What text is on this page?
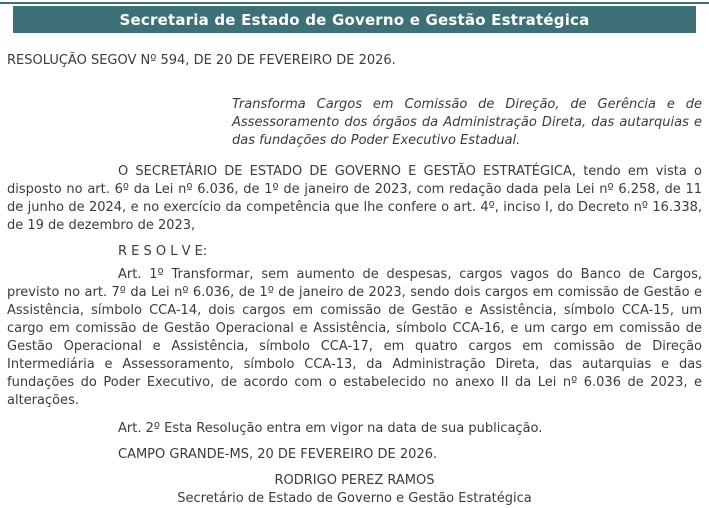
Secretaria de Estado de Governo e Gestão Estratégica

RESOLUÇÃO SEGOV Nº 594, DE 20 DE FEVEREIRO DE 2026.

Transforma Cargos em Comissão de Direção, de Gerência e de Assessoramento dos órgãos da Administração Direta, das autarquias e das fundações do Poder Executivo Estadual.

O SECRETÁRIO DE ESTADO DE GOVERNO E GESTÃO ESTRATÉGICA, tendo em vista o disposto no art. 6º da Lei nº 6.036, de 1º de janeiro de 2023, com redação dada pela Lei nº 6.258, de 11 de junho de 2024, e no exercício da competência que lhe confere o art. 4º, inciso I, do Decreto nº 16.338, de 19 de dezembro de 2023,

R E S O L V E:

Art. 1º Transformar, sem aumento de despesas, cargos vagos do Banco de Cargos, previsto no art. 7º da Lei nº 6.036, de 1º de janeiro de 2023, sendo dois cargos em comissão de Gestão e Assistência, símbolo CCA-14, dois cargos em comissão de Gestão e Assistência, símbolo CCA-15, um cargo em comissão de Gestão Operacional e Assistência, símbolo CCA-16, e um cargo em comissão de Gestão Operacional e Assistência, símbolo CCA-17, em quatro cargos em comissão de Direção Intermediária e Assessoramento, símbolo CCA-13, da Administração Direta, das autarquias e das fundações do Poder Executivo, de acordo com o estabelecido no anexo II da Lei nº 6.036 de 2023, e alterações.

Art. 2º Esta Resolução entra em vigor na data de sua publicação.

CAMPO GRANDE-MS, 20 DE FEVEREIRO DE 2026.

RODRIGO PEREZ RAMOS

Secretário de Estado de Governo e Gestão Estratégica
